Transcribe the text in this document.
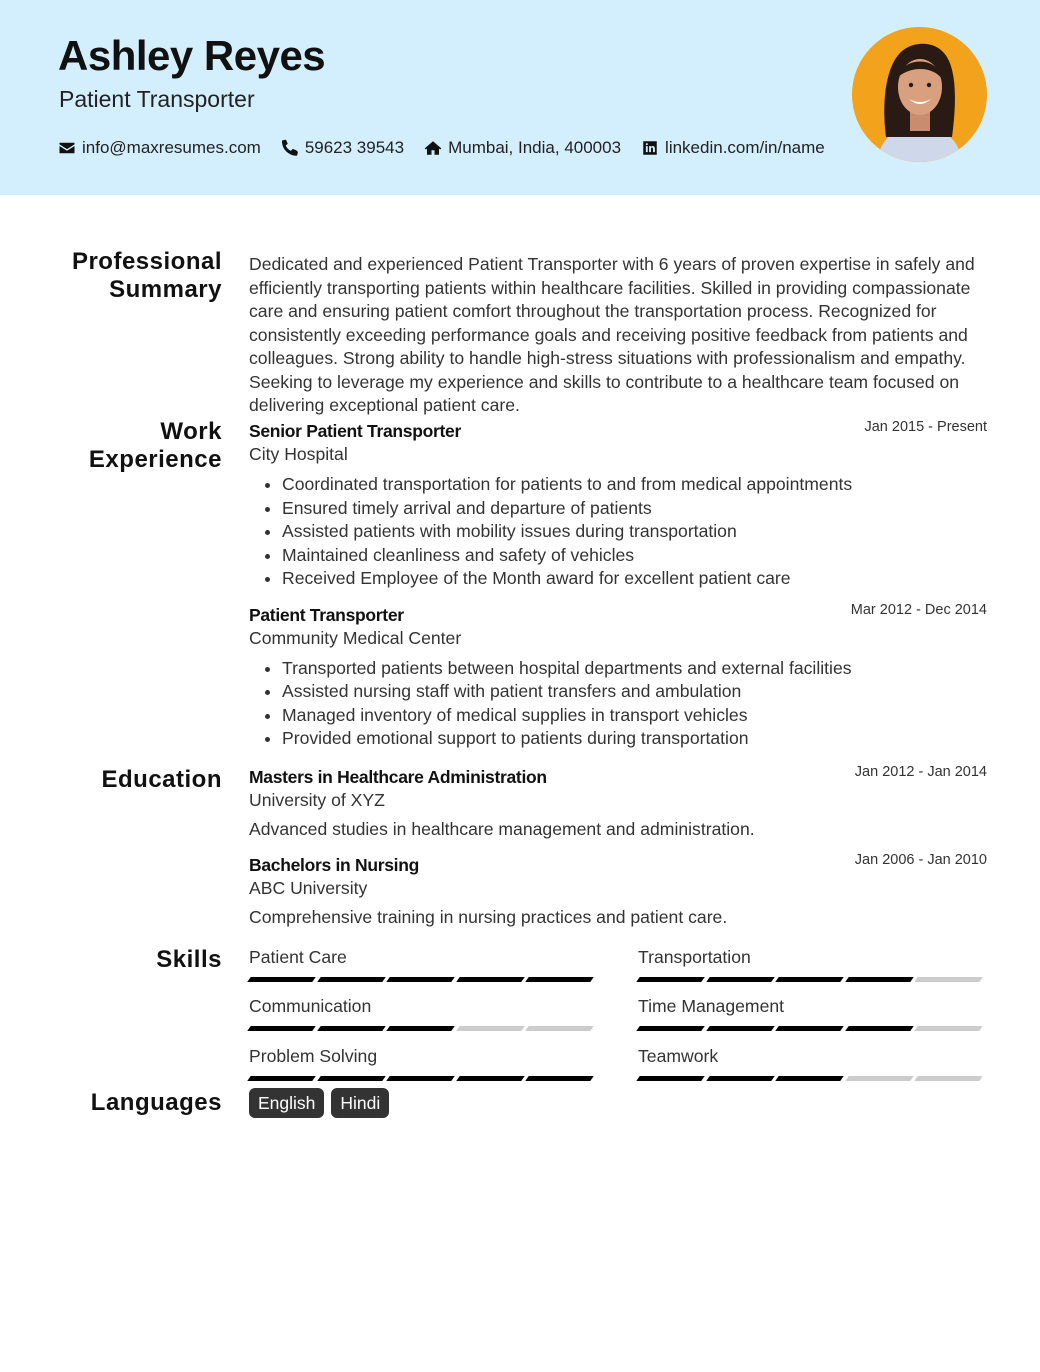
Ashley Reyes
Patient Transporter
info@maxresumes.com	59623 39543	Mumbai, India, 400003	linkedin.com/in/name
Professional
Summary

Dedicated and experienced Patient Transporter with 6 years of proven expertise in safely and efficiently transporting patients within healthcare facilities. Skilled in providing compassionate care and ensuring patient comfort throughout the transportation process. Recognized for consistently exceeding performance goals and receiving positive feedback from patients and colleagues. Strong ability to handle high-stress situations with professionalism and empathy. Seeking to leverage my experience and skills to contribute to a healthcare team focused on delivering exceptional patient care.

Work
Experience
Senior Patient Transporter	Jan 2015 - Present
City Hospital
• Coordinated transportation for patients to and from medical appointments
• Ensured timely arrival and departure of patients
• Assisted patients with mobility issues during transportation
• Maintained cleanliness and safety of vehicles
• Received Employee of the Month award for excellent patient care
Patient Transporter	Mar 2012 - Dec 2014
Community Medical Center
• Transported patients between hospital departments and external facilities
• Assisted nursing staff with patient transfers and ambulation
• Managed inventory of medical supplies in transport vehicles
• Provided emotional support to patients during transportation
Education Masters in Healthcare Administration	Jan 2012 - Jan 2014
University of XYZ
Advanced studies in healthcare management and administration.
Bachelors in Nursing	Jan 2006 - Jan 2010
ABC University
Comprehensive training in nursing practices and patient care.
Skills Patient Care	Transportation
Communication	Time Management
Problem Solving	Teamwork
Languages	English	Hindi
